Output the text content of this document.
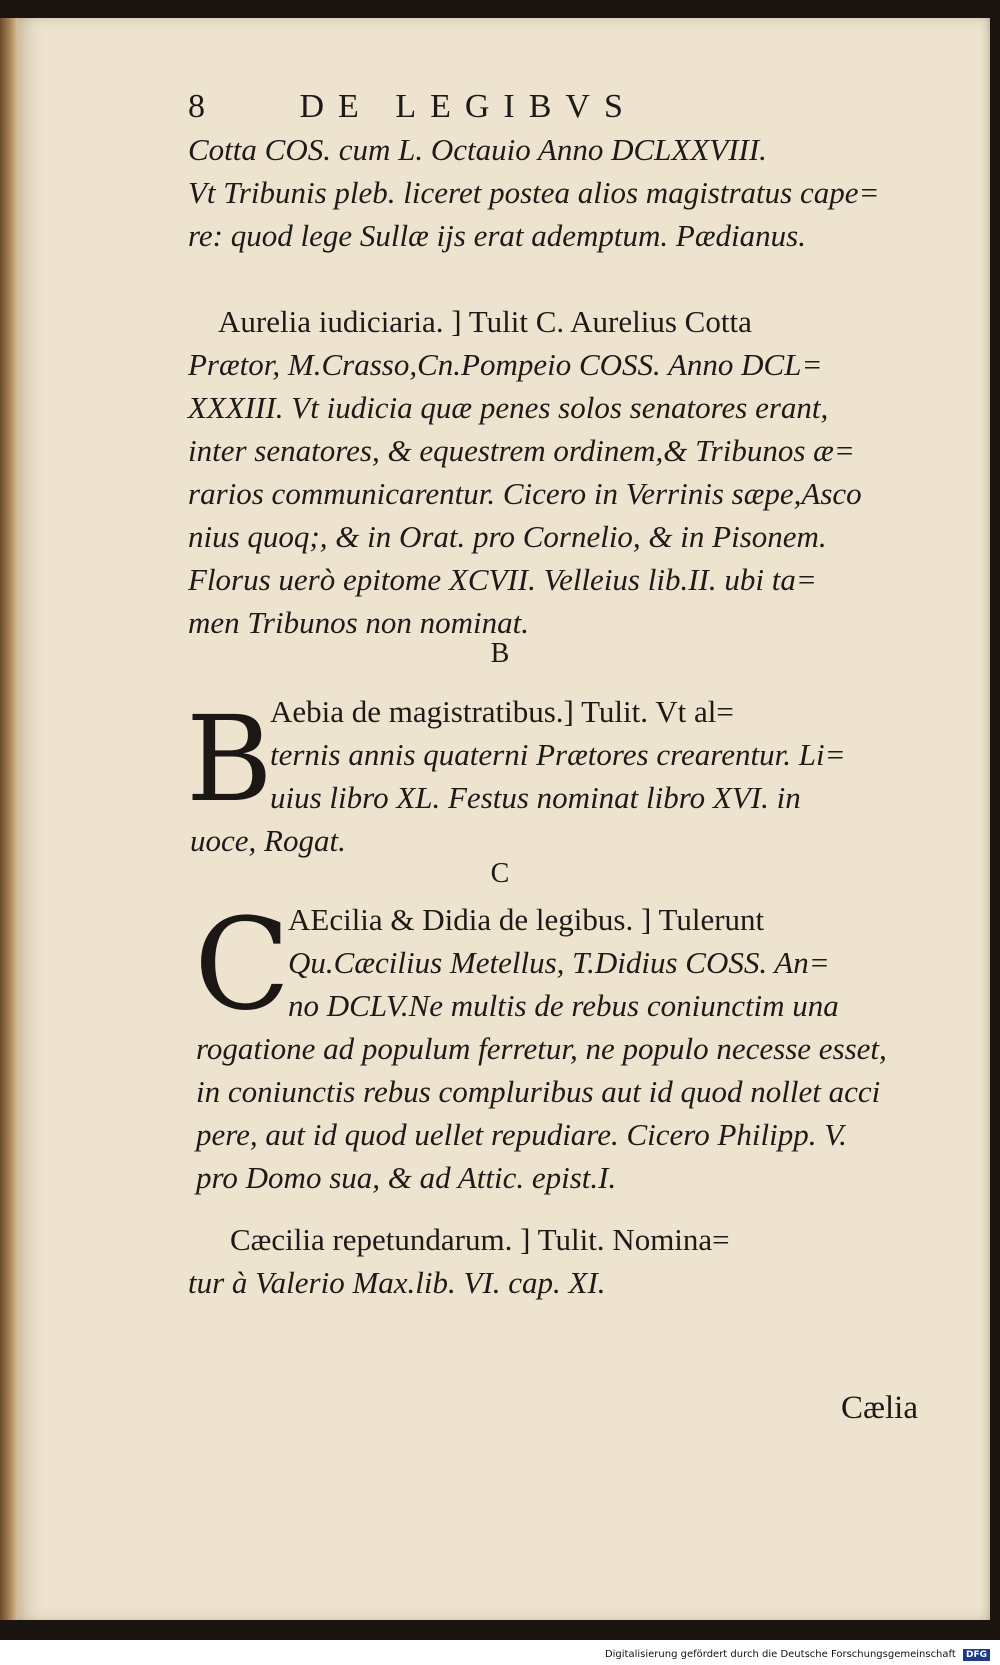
8	DE LEGIBVS

Cotta COS. cum L. Octauio Anno DCLXXVIII.

Vt Tribunis pleb. liceret postea alios magistratus cape=

re: quod lege Sullæ ijs erat ademptum. Pædianus.

Aurelia iudiciaria. ] Tulit C. Aurelius Cotta

Prætor, M.Crasso,Cn.Pompeio COSS. Anno DCL=

XXXIII. Vt iudicia quæ penes solos senatores erant,

inter senatores, & equestrem ordinem,& Tribunos æ=

rarios communicarentur. Cicero in Verrinis sæpe,Asco

nius quoq;, & in Orat. pro Cornelio, & in Pisonem.

Florus uerò epitome XCVII. Velleius lib.II. ubi ta=

men Tribunos non nominat.

B
B

Aebia de magistratibus.] Tulit. Vt al=

ternis annis quaterni Prætores crearentur. Li=

uius libro XL. Festus nominat libro XVI. in

uoce, Rogat.

C
C

AEcilia & Didia de legibus. ] Tulerunt

Qu.Cæcilius Metellus, T.Didius COSS. An=

no DCLV.Ne multis de rebus coniunctim una

rogatione ad populum ferretur, ne populo necesse esset,

in coniunctis rebus compluribus aut id quod nollet acci

pere, aut id quod uellet repudiare. Cicero Philipp. V.

pro Domo sua, & ad Attic. epist.I.

Cæcilia repetundarum. ] Tulit. Nomina=

tur à Valerio Max.lib. VI. cap. XI.

Cælia
Digitalisierung gefördert durch die Deutsche Forschungsgemeinschaft DFG
